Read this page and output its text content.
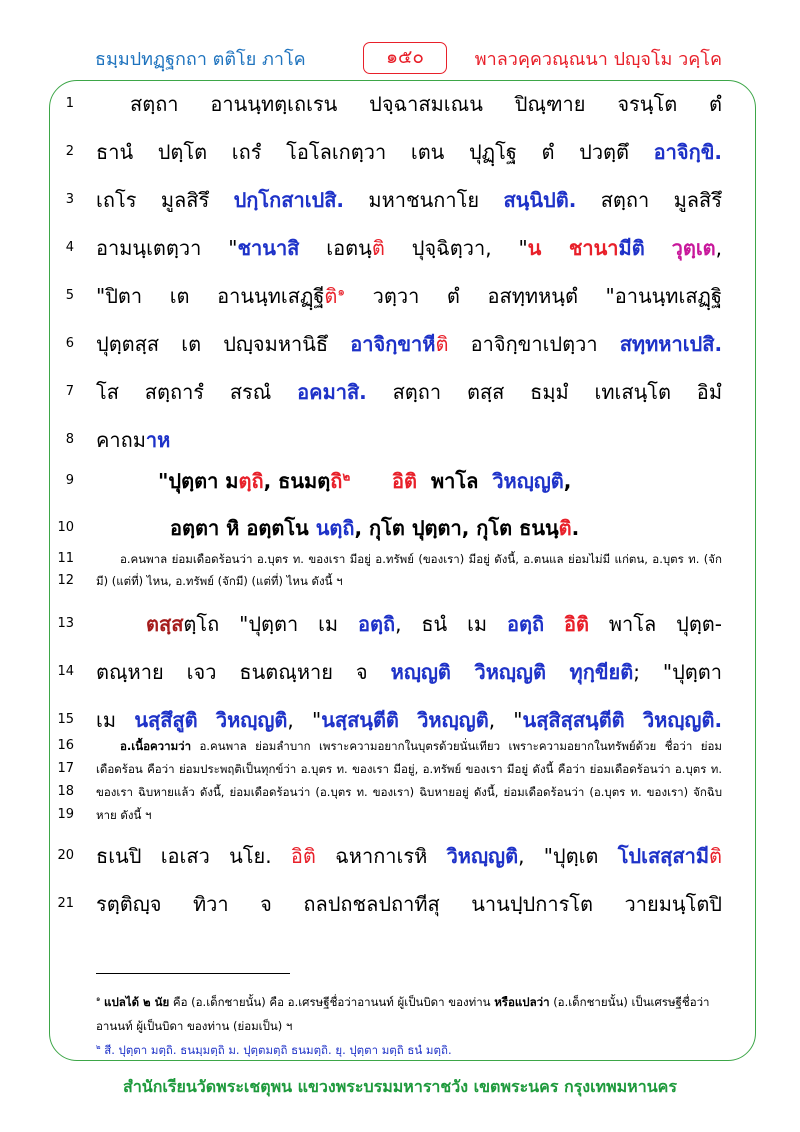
ธมฺมปทฏฺฐกถา ตติโย ภาโค	๑๕๐	พาลวคฺควณฺณนา ปญฺจโม วคฺโค
1	สตฺถา อานนฺทตฺเถเรน ปจฺฉาสมเณน ปิณฺฑาย จรนฺโต ตํ
2 ธานํ ปตฺโต เถรํ โอโลเกตฺวา เตน ปุฏฺโฐ ตํ ปวตฺตึ อาจิกฺขิ.
3 เถโร มูลสิรึ ปกฺโกสาเปสิ. มหาชนกาโย สนฺนิปติ. สตฺถา มูลสิรึ
4 อามนฺเตตฺวา "ชานาสิ เอตนฺติ ปุจฺฉิตฺวา, "น ชานามีติ วุตฺเต,
5 "ปิตา เต อานนฺทเสฏฺฐีติ$^๑$ วตฺวา ตํ อสทฺทหนฺตํ "อานนฺทเสฏฺฐิ
6 ปุตฺตสฺส เต ปญฺจมหานิธึ อาจิกฺขาหีติ อาจิกฺขาเปตฺวา สทฺทหาเปสิ.
7 โส สตฺถารํ สรณํ อคมาสิ. สตฺถา ตสฺส ธมฺมํ เทเสนฺโต อิมํ
8 คาถมาห
9	"ปุตฺตา มตฺถิ, ธนมตฺถิ$^๒$ อิติ พาโล วิหญฺญติ,
10	อตฺตา หิ อตฺตโน นตฺถิ, กุโต ปุตฺตา, กุโต ธนนฺติ.
11	อ.คนพาล ย่อมเดือดร้อนว่า อ.บุตร ท. ของเรา มีอยู่ อ.ทรัพย์ (ของเรา) มีอยู่ ดังนี้, อ.ตนแล ย่อมไม่มี แก่ตน, อ.บุตร ท. (จัก
12 มี) (แต่ที่) ไหน, อ.ทรัพย์ (จักมี) (แต่ที่) ไหน ดังนี้ ฯ
13	ตสฺสตฺโถ "ปุตฺตา เม อตฺถิ, ธนํ เม อตฺถิ อิติ พาโล ปุตฺต-
14 ตณฺหาย เจว ธนตณฺหาย จ หญฺญติ วิหญฺญติ ทุกฺขียติ; "ปุตฺตา
15 เม นสฺสึสูติ วิหญฺญติ, "นสฺสนฺตีติ วิหญฺญติ, "นสฺสิสฺสนฺตีติ วิหญฺญติ.
16	อ.เนื้อความว่า อ.คนพาล ย่อมลำบาก เพราะความอยากในบุตรด้วยนั่นเทียว เพราะความอยากในทรัพย์ด้วย ชื่อว่า ย่อม
17 เดือดร้อน คือว่า ย่อมประพฤติเป็นทุกข์ว่า อ.บุตร ท. ของเรา มีอยู่, อ.ทรัพย์ ของเรา มีอยู่ ดังนี้ คือว่า ย่อมเดือดร้อนว่า อ.บุตร ท.
18 ของเรา ฉิบหายแล้ว ดังนี้, ย่อมเดือดร้อนว่า (อ.บุตร ท. ของเรา) ฉิบหายอยู่ ดังนี้, ย่อมเดือดร้อนว่า (อ.บุตร ท. ของเรา) จักฉิบ
19 หาย ดังนี้ ฯ
20 ธเนปิ เอเสว นโย. อิติ ฉหากาเรหิ วิหญฺญติ, "ปุตฺเต โปเสสฺสามีติ
21 รตฺติญฺจ ทิวา จ ถลปถชลปถาทีสุ นานปฺปการโต วายมนฺโตปิ
$^๑$ แปลได้ ๒ นัย คือ (อ.เด็กชายนั้น) คือ อ.เศรษฐีชื่อว่าอานนท์ ผู้เป็นบิดา ของท่าน หรือแปลว่า (อ.เด็กชายนั้น) เป็นเศรษฐีชื่อว่า
อานนท์ ผู้เป็นบิดา ของท่าน (ย่อมเป็น) ฯ
$^๒$ สี. ปุตฺตา มตฺถิ. ธนมฺมตฺถิ ม. ปุตฺตมตฺถิ ธนมตฺถิ. ยุ. ปุตฺตา มตฺถิ ธนํ มตฺถิ.
สำนักเรียนวัดพระเชตุพน แขวงพระบรมมหาราชวัง เขตพระนคร กรุงเทพมหานคร
